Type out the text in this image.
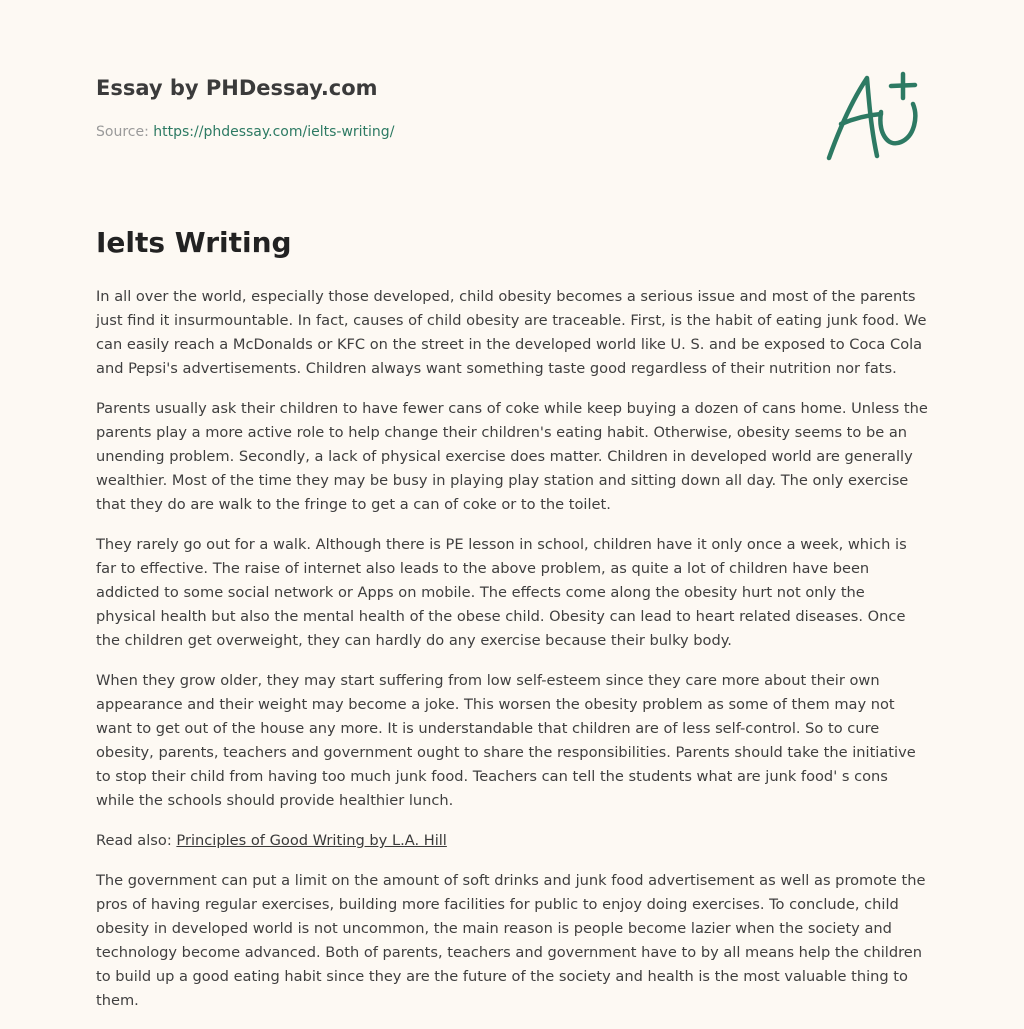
Essay by PHDessay.com
Source: https://phdessay.com/ielts-writing/
Ielts Writing

In all over the world, especially those developed, child obesity becomes a serious issue and most of the parents just find it insurmountable. In fact, causes of child obesity are traceable. First, is the habit of eating junk food. We can easily reach a McDonalds or KFC on the street in the developed world like U. S. and be exposed to Coca Cola and Pepsi's advertisements. Children always want something taste good regardless of their nutrition nor fats.

Parents usually ask their children to have fewer cans of coke while keep buying a dozen of cans home. Unless the parents play a more active role to help change their children's eating habit. Otherwise, obesity seems to be an unending problem. Secondly, a lack of physical exercise does matter. Children in developed world are generally wealthier. Most of the time they may be busy in playing play station and sitting down all day. The only exercise that they do are walk to the fringe to get a can of coke or to the toilet.

They rarely go out for a walk. Although there is PE lesson in school, children have it only once a week, which is far to effective. The raise of internet also leads to the above problem, as quite a lot of children have been addicted to some social network or Apps on mobile. The effects come along the obesity hurt not only the physical health but also the mental health of the obese child. Obesity can lead to heart related diseases. Once the children get overweight, they can hardly do any exercise because their bulky body.

When they grow older, they may start suffering from low self-esteem since they care more about their own appearance and their weight may become a joke. This worsen the obesity problem as some of them may not want to get out of the house any more. It is understandable that children are of less self-control. So to cure obesity, parents, teachers and government ought to share the responsibilities. Parents should take the initiative to stop their child from having too much junk food. Teachers can tell the students what are junk food' s cons while the schools should provide healthier lunch.

Read also: Principles of Good Writing by L.A. Hill

The government can put a limit on the amount of soft drinks and junk food advertisement as well as promote the pros of having regular exercises, building more facilities for public to enjoy doing exercises. To conclude, child obesity in developed world is not uncommon, the main reason is people become lazier when the society and technology become advanced. Both of parents, teachers and government have to by all means help the children to build up a good eating habit since they are the future of the society and health is the most valuable thing to them.
